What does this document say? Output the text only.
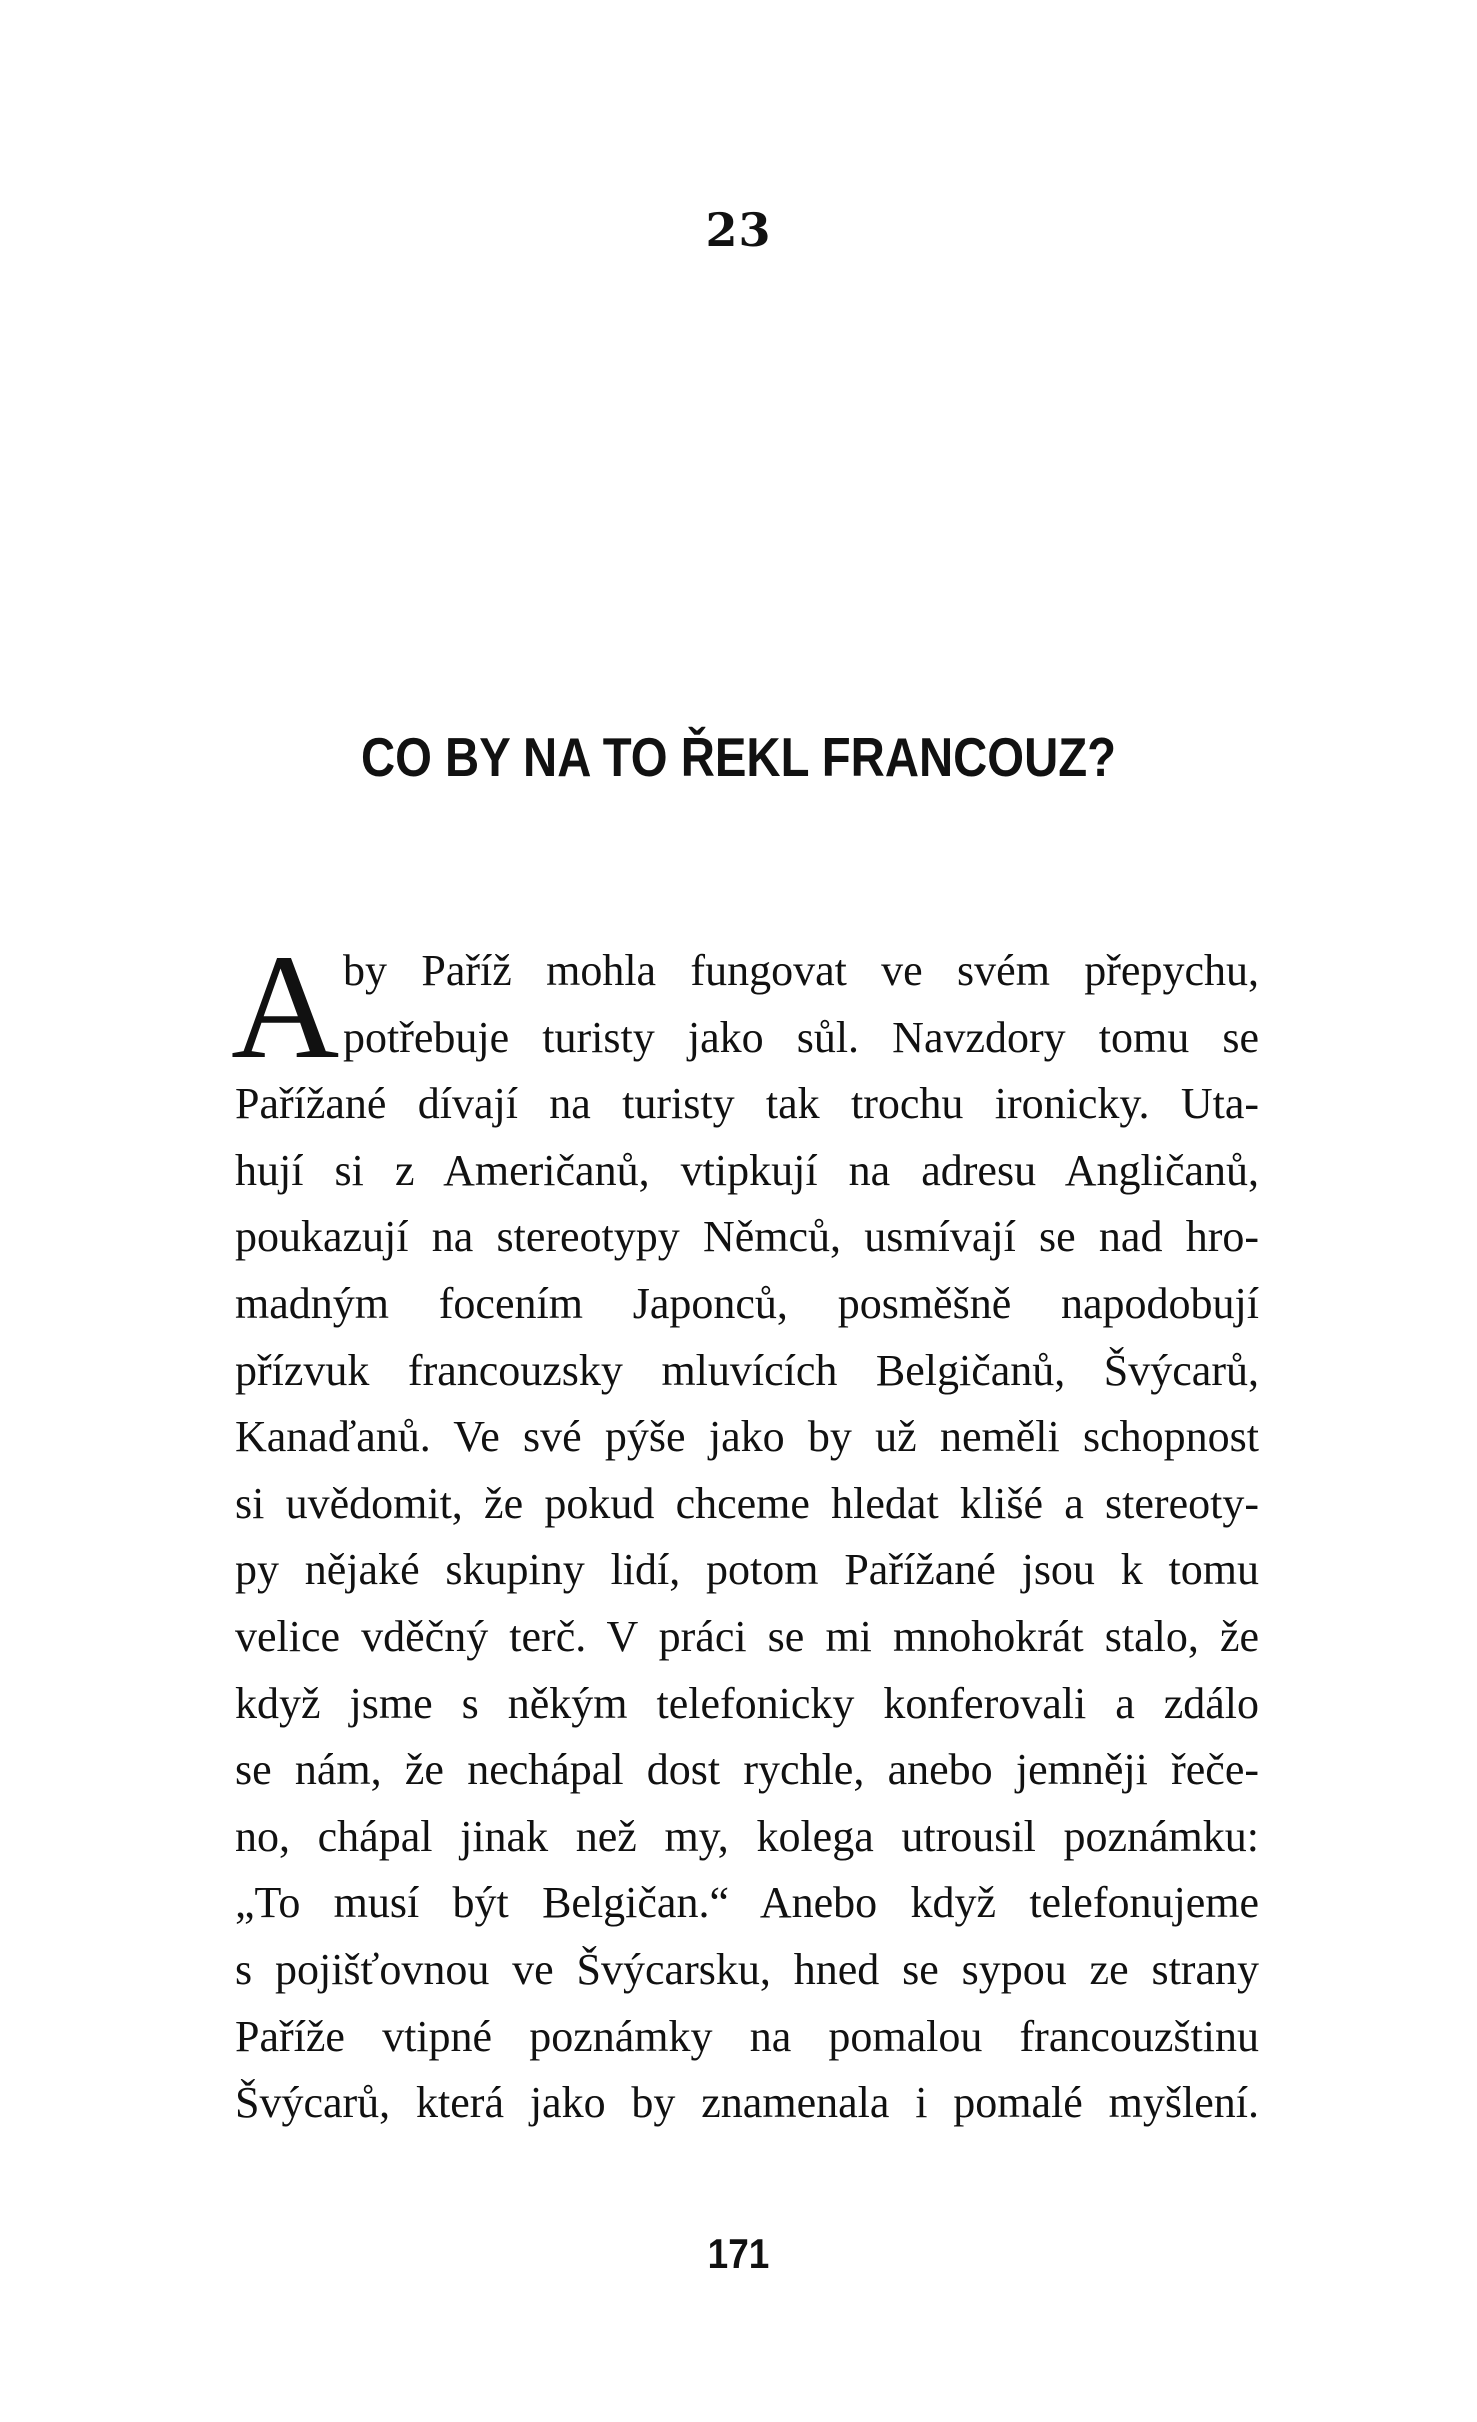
23
CO BY NA TO ŘEKL FRANCOUZ?
A by Paříž mohla fungovat ve svém přepychu,
potřebuje turisty jako sůl. Navzdory tomu se
Pařížané dívají na turisty tak trochu ironicky. Uta-
hují si z Američanů, vtipkují na adresu Angličanů,
poukazují na stereotypy Němců, usmívají se nad hro-
madným focením Japonců, posměšně napodobují
přízvuk francouzsky mluvících Belgičanů, Švýcarů,
Kanaďanů. Ve své pýše jako by už neměli schopnost
si uvědomit, že pokud chceme hledat klišé a stereoty-
py nějaké skupiny lidí, potom Pařížané jsou k tomu
velice vděčný terč. V práci se mi mnohokrát stalo, že
když jsme s někým telefonicky konferovali a zdálo
se nám, že nechápal dost rychle, anebo jemněji řeče-
no, chápal jinak než my, kolega utrousil poznámku:
„To musí být Belgičan.“ Anebo když telefonujeme
s pojišťovnou ve Švýcarsku, hned se sypou ze strany
Paříže vtipné poznámky na pomalou francouzštinu
Švýcarů, která jako by znamenala i pomalé myšlení.
171
